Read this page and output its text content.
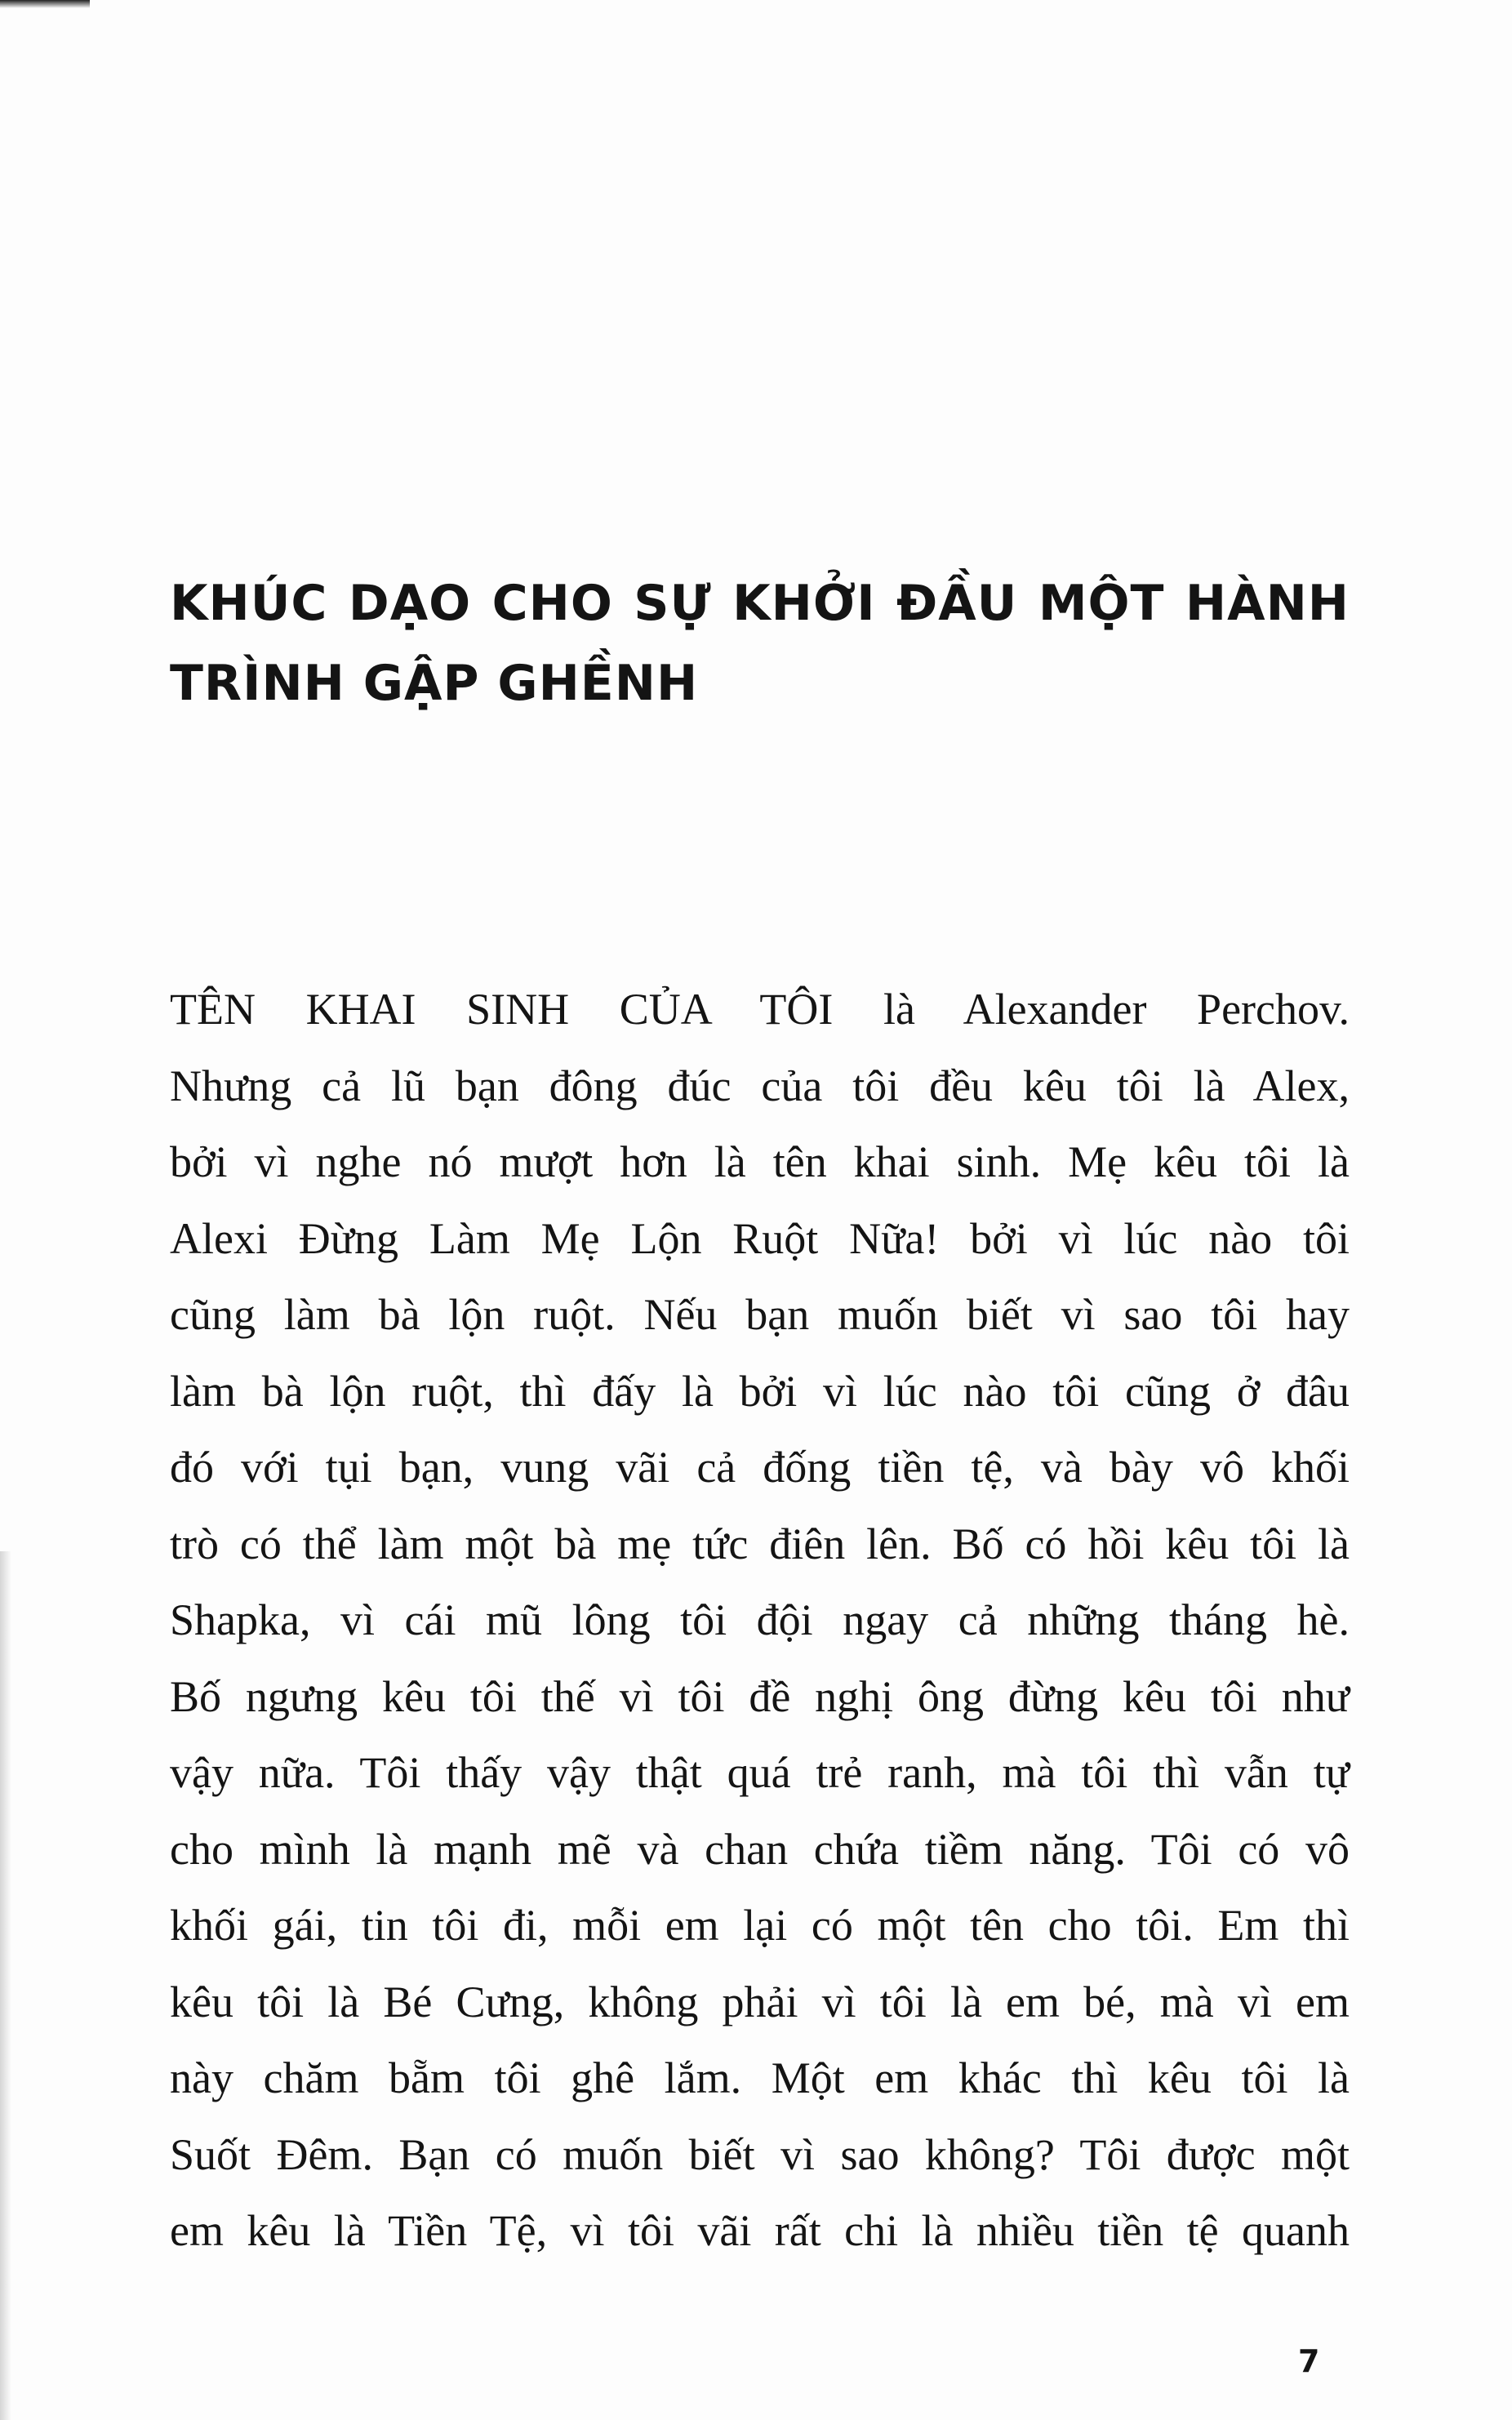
KHÚC DẠO CHO SỰ KHỞI ĐẦU MỘT HÀNH
TRÌNH GẬP GHỀNH
TÊN KHAI SINH CỦA TÔI là Alexander Perchov.
Nhưng cả lũ bạn đông đúc của tôi đều kêu tôi là Alex,
bởi vì nghe nó mượt hơn là tên khai sinh. Mẹ kêu tôi là
Alexi Đừng Làm Mẹ Lộn Ruột Nữa! bởi vì lúc nào tôi
cũng làm bà lộn ruột. Nếu bạn muốn biết vì sao tôi hay
làm bà lộn ruột, thì đấy là bởi vì lúc nào tôi cũng ở đâu
đó với tụi bạn, vung vãi cả đống tiền tệ, và bày vô khối
trò có thể làm một bà mẹ tức điên lên. Bố có hồi kêu tôi là
Shapka, vì cái mũ lông tôi đội ngay cả những tháng hè.
Bố ngưng kêu tôi thế vì tôi đề nghị ông đừng kêu tôi như
vậy nữa. Tôi thấy vậy thật quá trẻ ranh, mà tôi thì vẫn tự
cho mình là mạnh mẽ và chan chứa tiềm năng. Tôi có vô
khối gái, tin tôi đi, mỗi em lại có một tên cho tôi. Em thì
kêu tôi là Bé Cưng, không phải vì tôi là em bé, mà vì em
này chăm bẵm tôi ghê lắm. Một em khác thì kêu tôi là
Suốt Đêm. Bạn có muốn biết vì sao không? Tôi được một
em kêu là Tiền Tệ, vì tôi vãi rất chi là nhiều tiền tệ quanh
7
